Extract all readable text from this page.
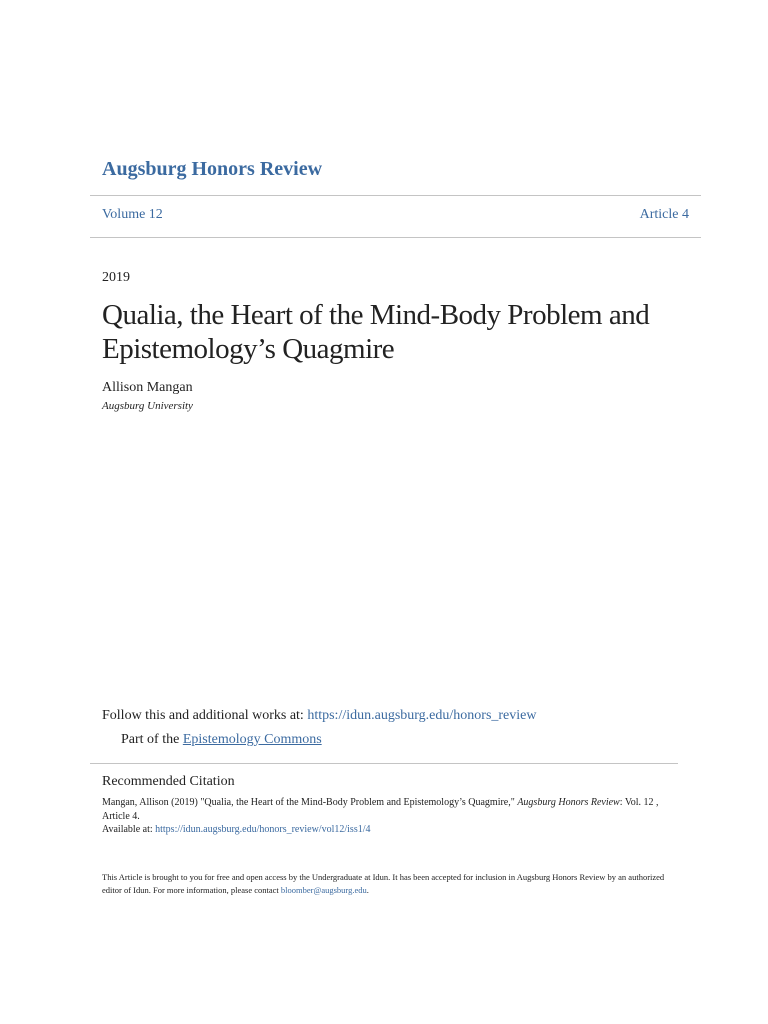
Augsburg Honors Review
Volume 12	Article 4
2019
Qualia, the Heart of the Mind-Body Problem and Epistemology’s Quagmire
Allison Mangan
Augsburg University
Follow this and additional works at: https://idun.augsburg.edu/honors_review
Part of the Epistemology Commons
Recommended Citation
Mangan, Allison (2019) "Qualia, the Heart of the Mind-Body Problem and Epistemology’s Quagmire," Augsburg Honors Review: Vol. 12 , Article 4.
Available at: https://idun.augsburg.edu/honors_review/vol12/iss1/4
This Article is brought to you for free and open access by the Undergraduate at Idun. It has been accepted for inclusion in Augsburg Honors Review by an authorized editor of Idun. For more information, please contact bloomber@augsburg.edu.
